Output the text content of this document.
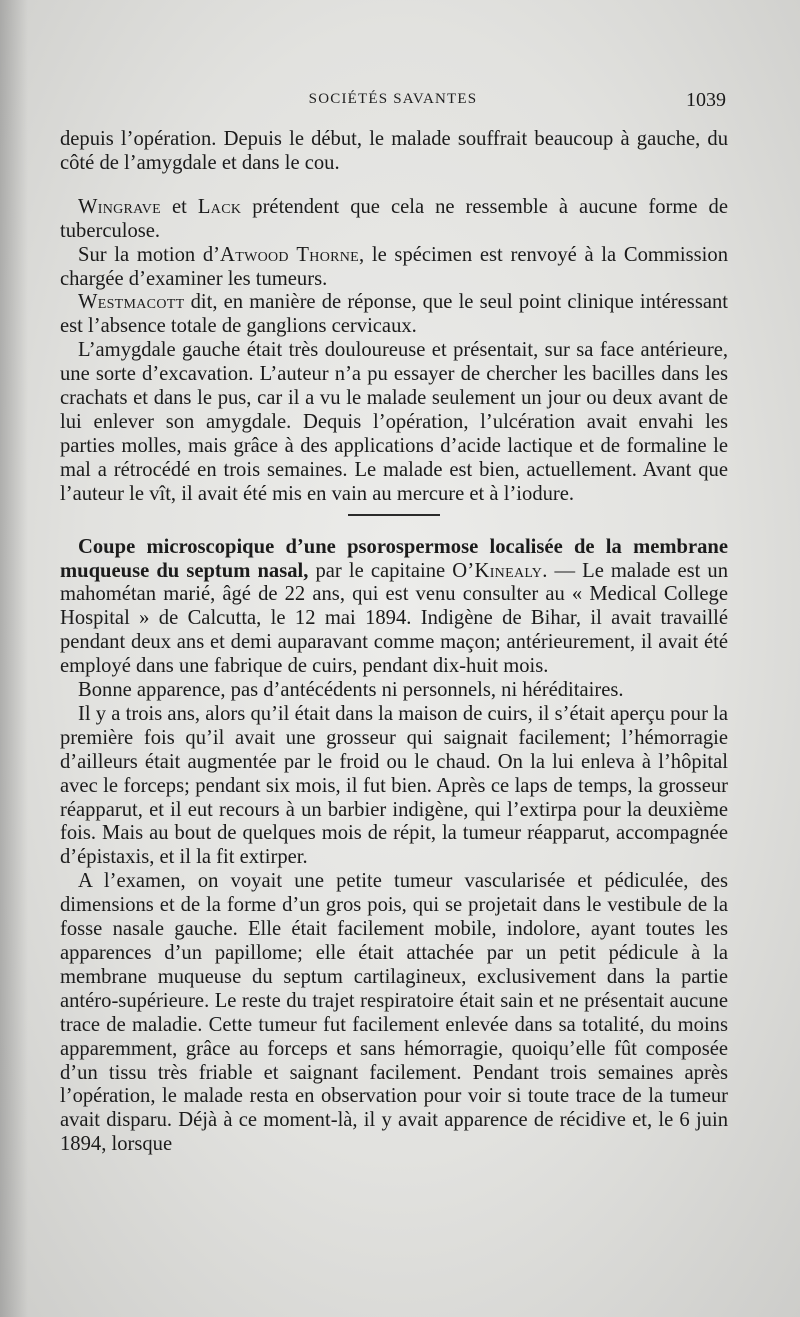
SOCIÉTÉS SAVANTES	1039

depuis l’opération. Depuis le début, le malade souffrait beaucoup à gauche, du côté de l’amygdale et dans le cou.

Wingrave et Lack prétendent que cela ne ressemble à aucune forme de tuberculose.

Sur la motion d’Atwood Thorne, le spécimen est renvoyé à la Commission chargée d’examiner les tumeurs.

Westmacott dit, en manière de réponse, que le seul point clinique intéressant est l’absence totale de ganglions cervicaux.

L’amygdale gauche était très douloureuse et présentait, sur sa face antérieure, une sorte d’excavation. L’auteur n’a pu essayer de chercher les bacilles dans les crachats et dans le pus, car il a vu le malade seulement un jour ou deux avant de lui enlever son amygdale. Dequis l’opération, l’ulcération avait envahi les parties molles, mais grâce à des applications d’acide lactique et de formaline le mal a rétrocédé en trois semaines. Le malade est bien, actuellement. Avant que l’auteur le vît, il avait été mis en vain au mercure et à l’iodure.

Coupe microscopique d’une psorospermose localisée de la membrane muqueuse du septum nasal, par le capitaine O’Kinealy. — Le malade est un mahométan marié, âgé de 22 ans, qui est venu consulter au « Medical College Hospital » de Calcutta, le 12 mai 1894. Indigène de Bihar, il avait travaillé pendant deux ans et demi auparavant comme maçon; antérieurement, il avait été employé dans une fabrique de cuirs, pendant dix-huit mois.

Bonne apparence, pas d’antécédents ni personnels, ni héréditaires.

Il y a trois ans, alors qu’il était dans la maison de cuirs, il s’était aperçu pour la première fois qu’il avait une grosseur qui saignait facilement; l’hémorragie d’ailleurs était augmentée par le froid ou le chaud. On la lui enleva à l’hôpital avec le forceps; pendant six mois, il fut bien. Après ce laps de temps, la grosseur réapparut, et il eut recours à un barbier indigène, qui l’extirpa pour la deuxième fois. Mais au bout de quelques mois de répit, la tumeur réapparut, accompagnée d’épistaxis, et il la fit extirper.

A l’examen, on voyait une petite tumeur vascularisée et pédiculée, des dimensions et de la forme d’un gros pois, qui se projetait dans le vestibule de la fosse nasale gauche. Elle était facilement mobile, indolore, ayant toutes les apparences d’un papillome; elle était attachée par un petit pédicule à la membrane muqueuse du septum cartilagineux, exclusivement dans la partie antéro-supérieure. Le reste du trajet respiratoire était sain et ne présentait aucune trace de maladie. Cette tumeur fut facilement enlevée dans sa totalité, du moins apparemment, grâce au forceps et sans hémorragie, quoiqu’elle fût composée d’un tissu très friable et saignant facilement. Pendant trois semaines après l’opération, le malade resta en observation pour voir si toute trace de la tumeur avait disparu. Déjà à ce moment-là, il y avait apparence de récidive et, le 6 juin 1894, lorsque
